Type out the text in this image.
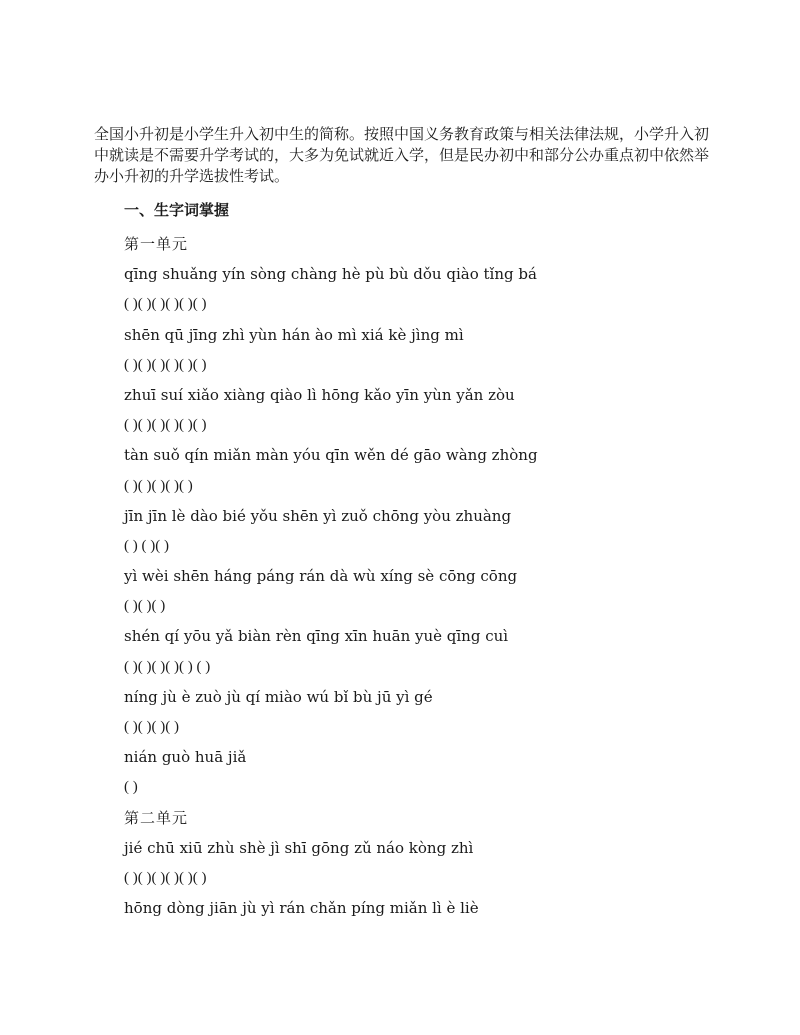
全国小升初是小学生升入初中生的简称。按照中国义务教育政策与相关法律法规，小学升入初中就读是不需要升学考试的，大多为免试就近入学，但是民办初中和部分公办重点初中依然举办小升初的升学选拔性考试。

一、生字词掌握
第一单元
qīng shuǎng yín sòng chàng hè pù bù dǒu qiào tǐng bá
( )( )( )( )( )( )
shēn qū jīng zhì yùn hán ào mì xiá kè jìng mì
( )( )( )( )( )( )
zhuī suí xiǎo xiàng qiào lì hōng kǎo yīn yùn yǎn zòu
( )( )( )( )( )( )
tàn suǒ qín miǎn màn yóu qīn wěn dé gāo wàng zhòng
( )( )( )( )( )
jīn jīn lè dào bié yǒu shēn yì zuǒ chōng yòu zhuàng
( ) ( )( )
yì wèi shēn háng páng rán dà wù xíng sè cōng cōng
( )( )( )
shén qí yōu yǎ biàn rèn qīng xīn huān yuè qīng cuì
( )( )( )( )( ) ( )
níng jù è zuò jù qí miào wú bǐ bù jū yì gé
( )( )( )( )
nián guò huā jiǎ
( )
第二单元
jié chū xiū zhù shè jì shī gōng zǔ náo kòng zhì
( )( )( )( )( )( )
hōng dòng jiān jù yì rán chǎn píng miǎn lì è liè
